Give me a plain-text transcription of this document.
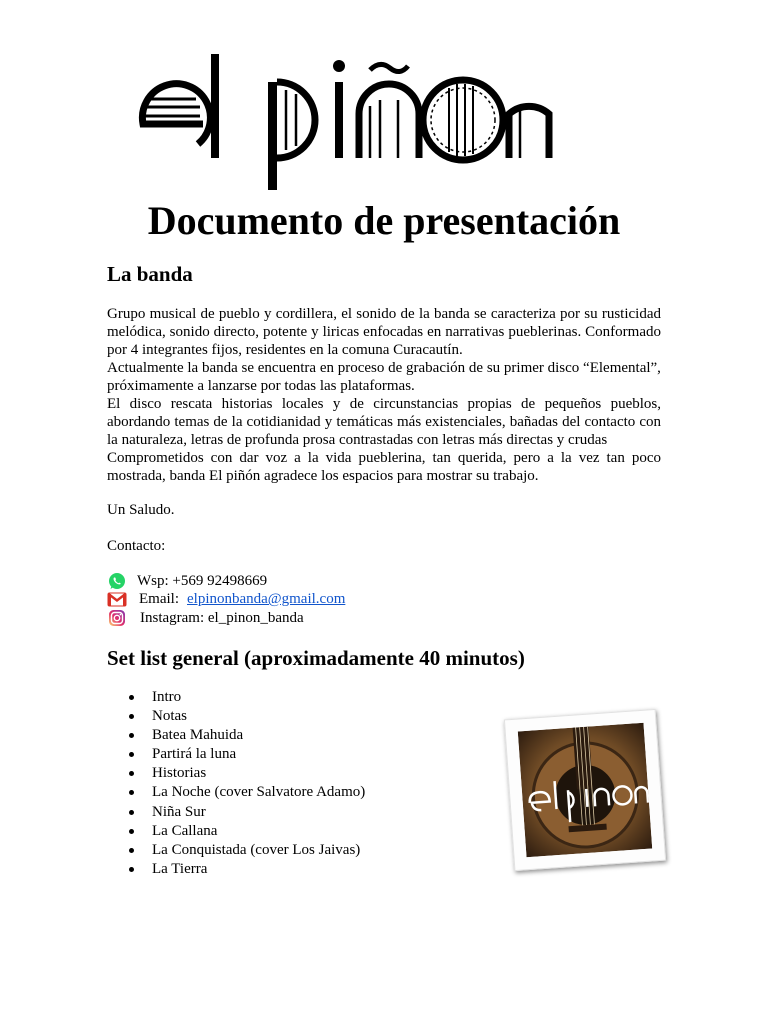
Documento de presentación
La banda

Grupo musical de pueblo y cordillera, el sonido de la banda se caracteriza por su rusticidad melódica, sonido directo, potente y liricas enfocadas en narrativas pueblerinas. Conformado por 4 integrantes fijos, residentes en la comuna Curacautín.

Actualmente la banda se encuentra en proceso de grabación de su primer disco “Elemental”, próximamente a lanzarse por todas las plataformas.

El disco rescata historias locales y de circunstancias propias de pequeños pueblos, abordando temas de la cotidianidad y temáticas más existenciales, bañadas del contacto con la naturaleza, letras de profunda prosa contrastadas con letras más directas y crudas

Comprometidos con dar voz a la vida pueblerina, tan querida, pero a la vez tan poco mostrada, banda El piñón agradece los espacios para mostrar su trabajo.

Un Saludo.

Contacto:

Wsp: +569 92498669
Email: elpinonbanda@gmail.com
Instagram: el_pinon_banda
Set list general (aproximadamente 40 minutos)
Intro
Notas
Batea Mahuida
Partirá la luna
Historias
La Noche (cover Salvatore Adamo)
Niña Sur
La Callana
La Conquistada (cover Los Jaivas)
La Tierra
